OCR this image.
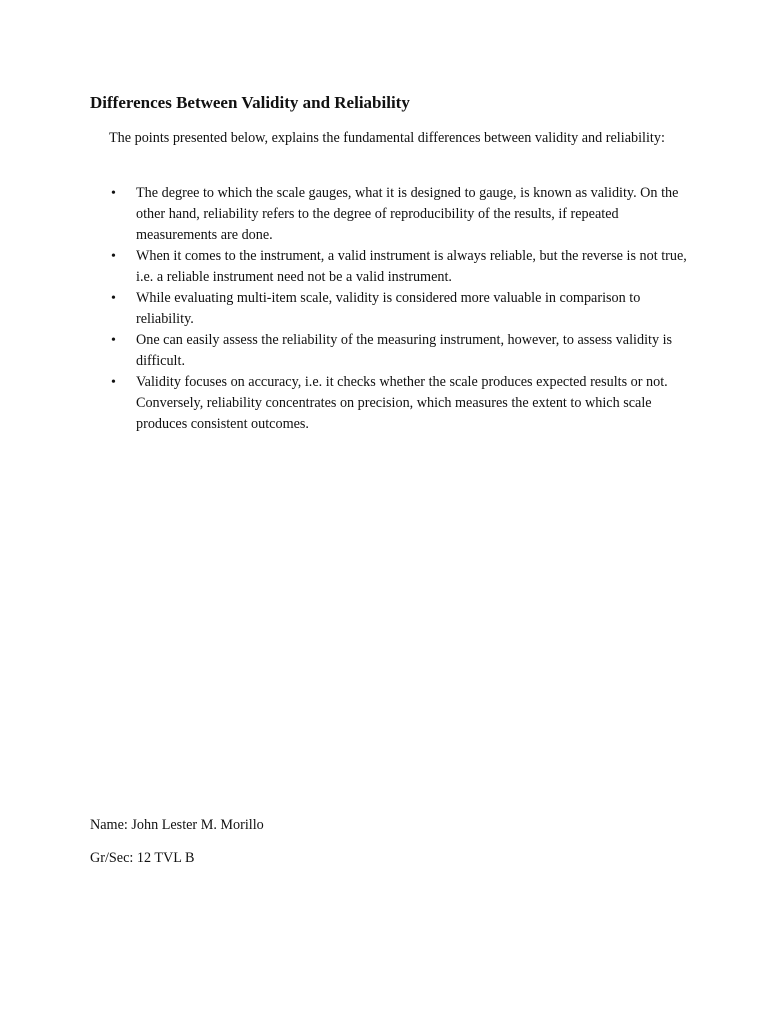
Differences Between Validity and Reliability

The points presented below, explains the fundamental differences between validity and reliability:

• The degree to which the scale gauges, what it is designed to gauge, is known as validity. On the other hand, reliability refers to the degree of reproducibility of the results, if repeated measurements are done.
• When it comes to the instrument, a valid instrument is always reliable, but the reverse is not true, i.e. a reliable instrument need not be a valid instrument.
• While evaluating multi-item scale, validity is considered more valuable in comparison to reliability.
• One can easily assess the reliability of the measuring instrument, however, to assess validity is difficult.
• Validity focuses on accuracy, i.e. it checks whether the scale produces expected results or not. Conversely, reliability concentrates on precision, which measures the extent to which scale produces consistent outcomes.

Name: John Lester M. Morillo

Gr/Sec: 12 TVL B
